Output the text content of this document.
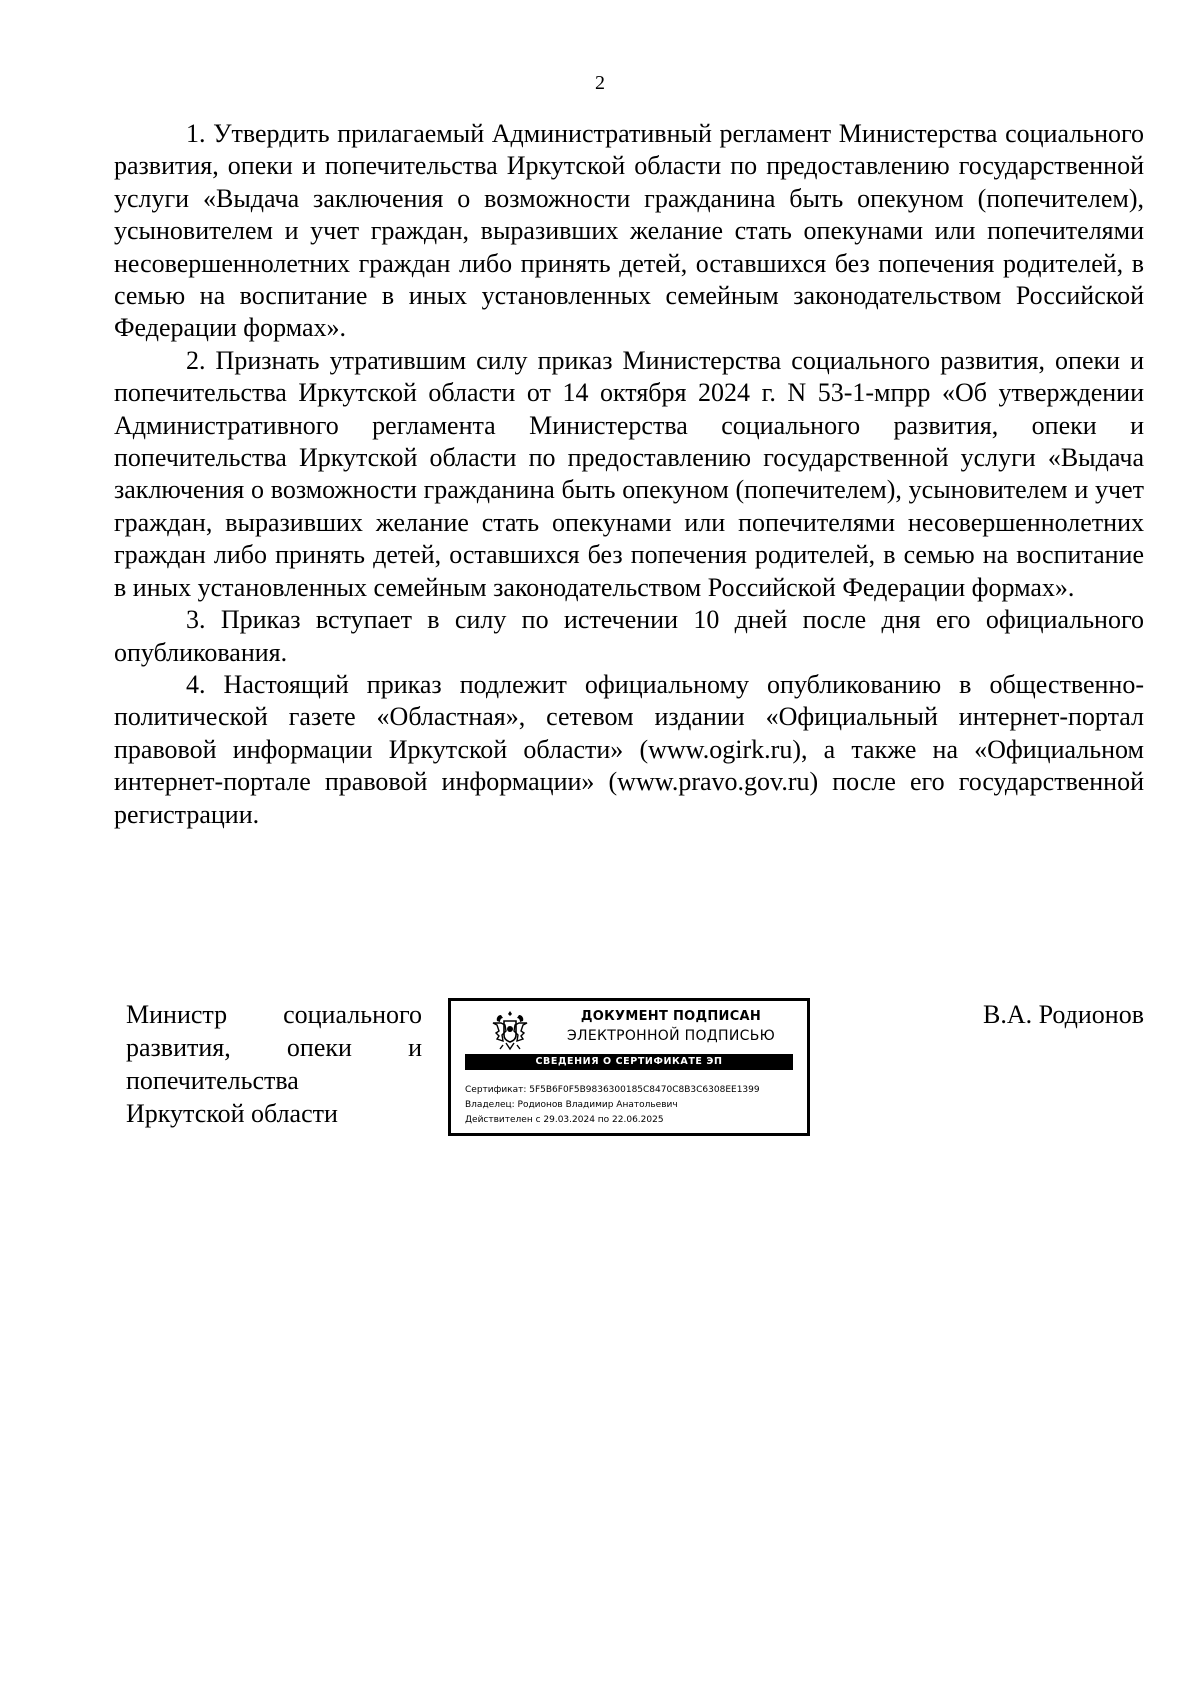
2

1. Утвердить прилагаемый Административный регламент Министерства социального развития, опеки и попечительства Иркутской области по предоставлению государственной услуги «Выдача заключения о возможности гражданина быть опекуном (попечителем), усыновителем и учет граждан, выразивших желание стать опекунами или попечителями несовершеннолетних граждан либо принять детей, оставшихся без попечения родителей, в семью на воспитание в иных установленных семейным законодательством Российской Федерации формах».

2. Признать утратившим силу приказ Министерства социального развития, опеки и попечительства Иркутской области от 14 октября 2024 г. N 53-1-мпрр «Об утверждении Административного регламента Министерства социального развития, опеки и попечительства Иркутской области по предоставлению государственной услуги «Выдача заключения о возможности гражданина быть опекуном (попечителем), усыновителем и учет граждан, выразивших желание стать опекунами или попечителями несовершеннолетних граждан либо принять детей, оставшихся без попечения родителей, в семью на воспитание в иных установленных семейным законодательством Российской Федерации формах».

3. Приказ вступает в силу по истечении 10 дней после дня его официального опубликования.

4. Настоящий приказ подлежит официальному опубликованию в общественно-политической газете «Областная», сетевом издании «Официальный интернет-портал правовой информации Иркутской области» (www.ogirk.ru), а также на «Официальном интернет-портале правовой информации» (www.pravo.gov.ru) после его государственной регистрации.

Министр социального
развития, опеки и
попечительства
Иркутской области
ДОКУМЕНТ ПОДПИСАН
ЭЛЕКТРОННОЙ ПОДПИСЬЮ
СВЕДЕНИЯ О СЕРТИФИКАТЕ ЭП
Сертификат: 5F5B6F0F5B9836300185C8470C8B3C6308EE1399
Владелец: Родионов Владимир Анатольевич
Действителен с 29.03.2024 по 22.06.2025
В.А. Родионов
